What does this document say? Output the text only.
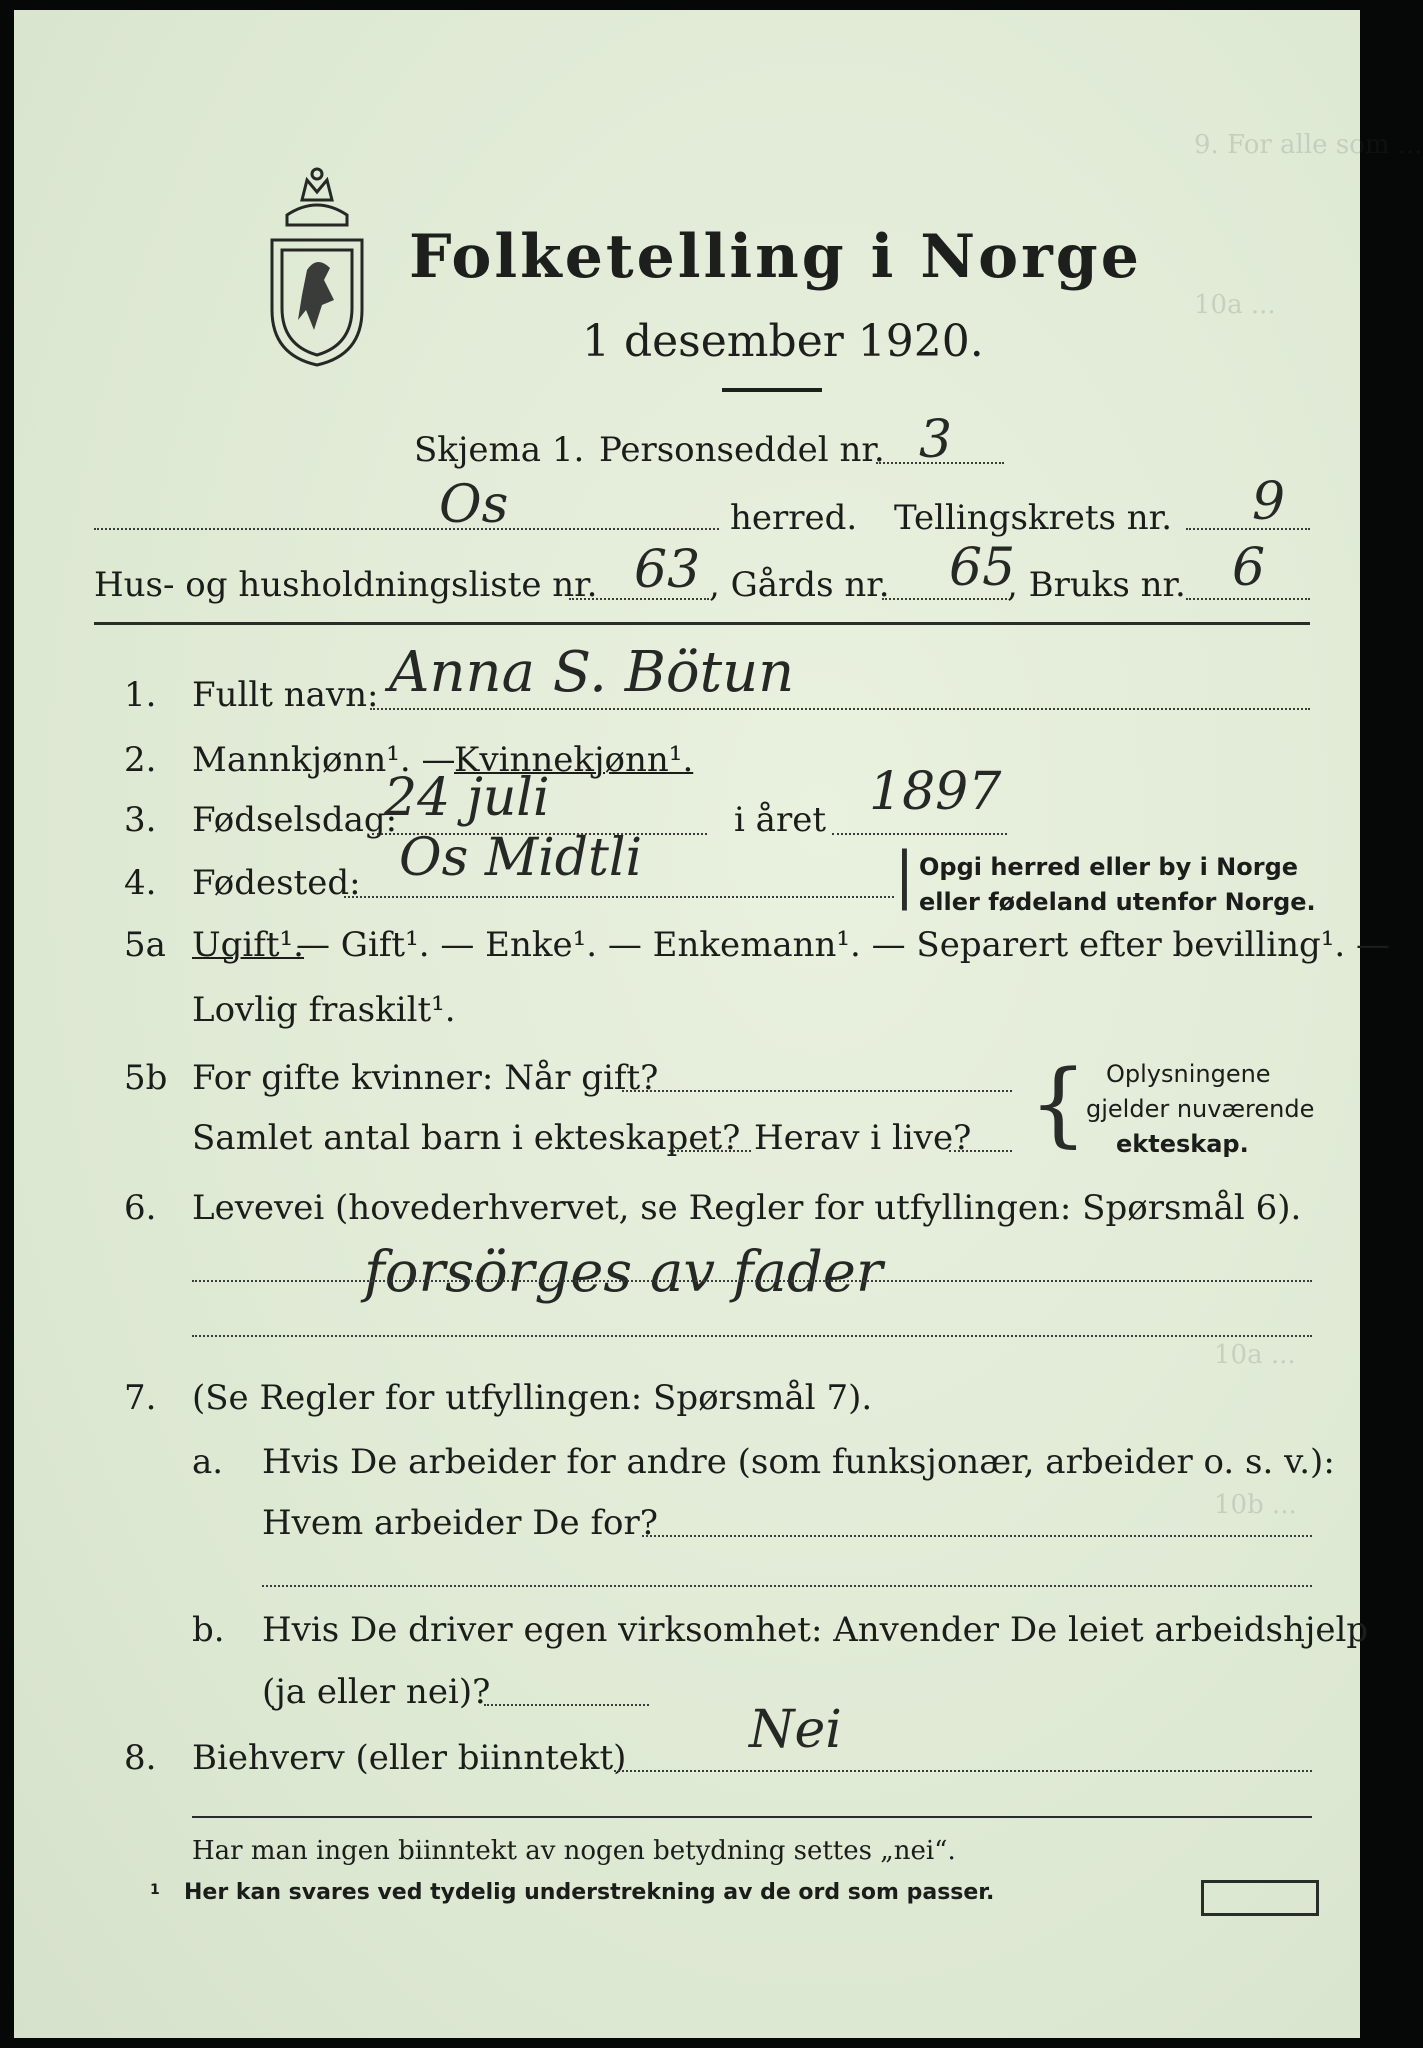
9. For alle som ...
10a ...
10a ...
10b ...
Folketelling i Norge
1 desember 1920.
Skjema 1. Personseddel nr. 3
Os	herred. Tellingskrets nr. 9
Hus- og husholdningsliste nr. 63 , Gårds nr. 65
, Bruks nr. 6
1. Fullt navn: Anna S. Bötun
2. Mannkjønn¹. —
Kvinnekjønn¹.
3. Fødselsdag:
24 juli	i året 1897
4. Fødested: Os Midtli	| Opgi herred eller by i Norge
eller fødeland utenfor Norge.
5a Ugift¹.
— Gift¹. — Enke¹. — Enkemann¹. — Separert efter bevilling¹. —
Lovlig fraskilt¹.
5b For gifte kvinner: Når gift?
Samlet antal barn i ekteskapet? Herav i live? { Oplysningene
gjelder nuværende
ekteskap.
6. Levevei (hovederhvervet, se Regler for utfyllingen: Spørsmål 6).
forsörges av fader
7. (Se Regler for utfyllingen: Spørsmål 7).
a. Hvis De arbeider for andre (som funksjonær, arbeider o. s. v.):
Hvem arbeider De for?
b. Hvis De driver egen virksomhet: Anvender De leiet arbeidshjelp
(ja eller nei)?
8. Biehverv (eller biinntekt) Nei
Har man ingen biinntekt av nogen betydning settes „nei“.
1 Her kan svares ved tydelig understrekning av de ord som passer.
